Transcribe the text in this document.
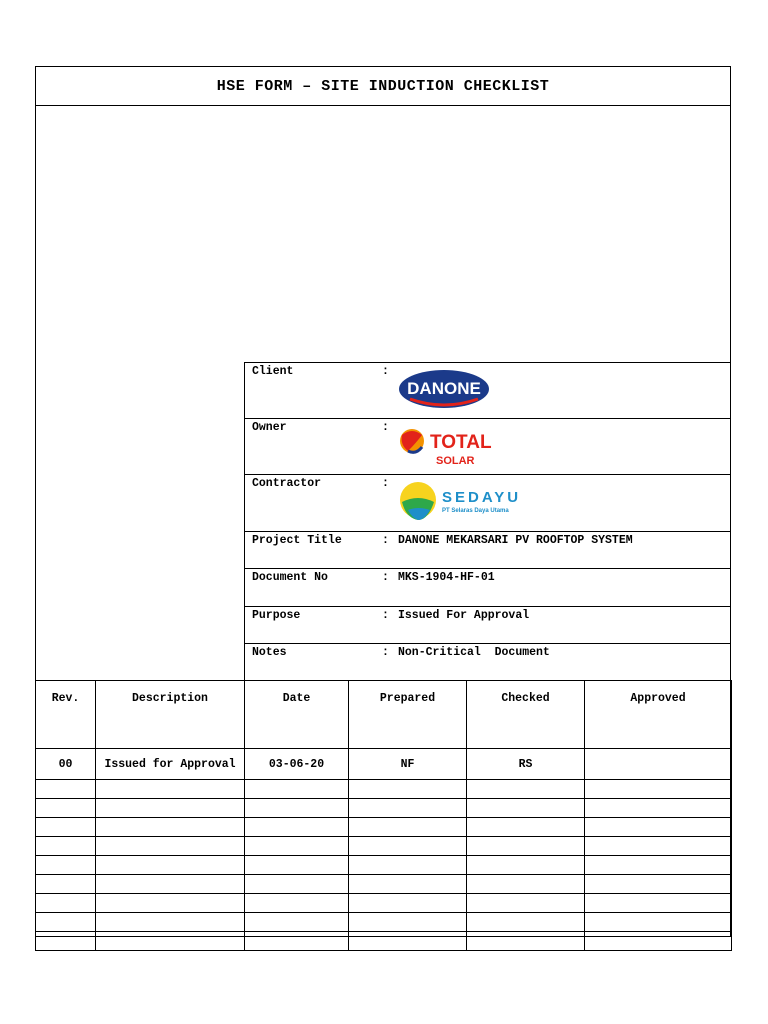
HSE FORM – SITE INDUCTION CHECKLIST
Client	:
DANONE

Owner	:
TOTAL
SOLAR

Contractor	:
SEDAYU
PT Selaras Daya Utama

Project Title	: DANONE MEKARSARI PV ROOFTOP SYSTEM
Document No	: MKS-1904-HF-01
Purpose	: Issued For Approval
Notes	: Non-Critical  Document
Rev.	Description	Date	Prepared	Checked	Approved
00	Issued for Approval	03-06-20	NF	RS	
